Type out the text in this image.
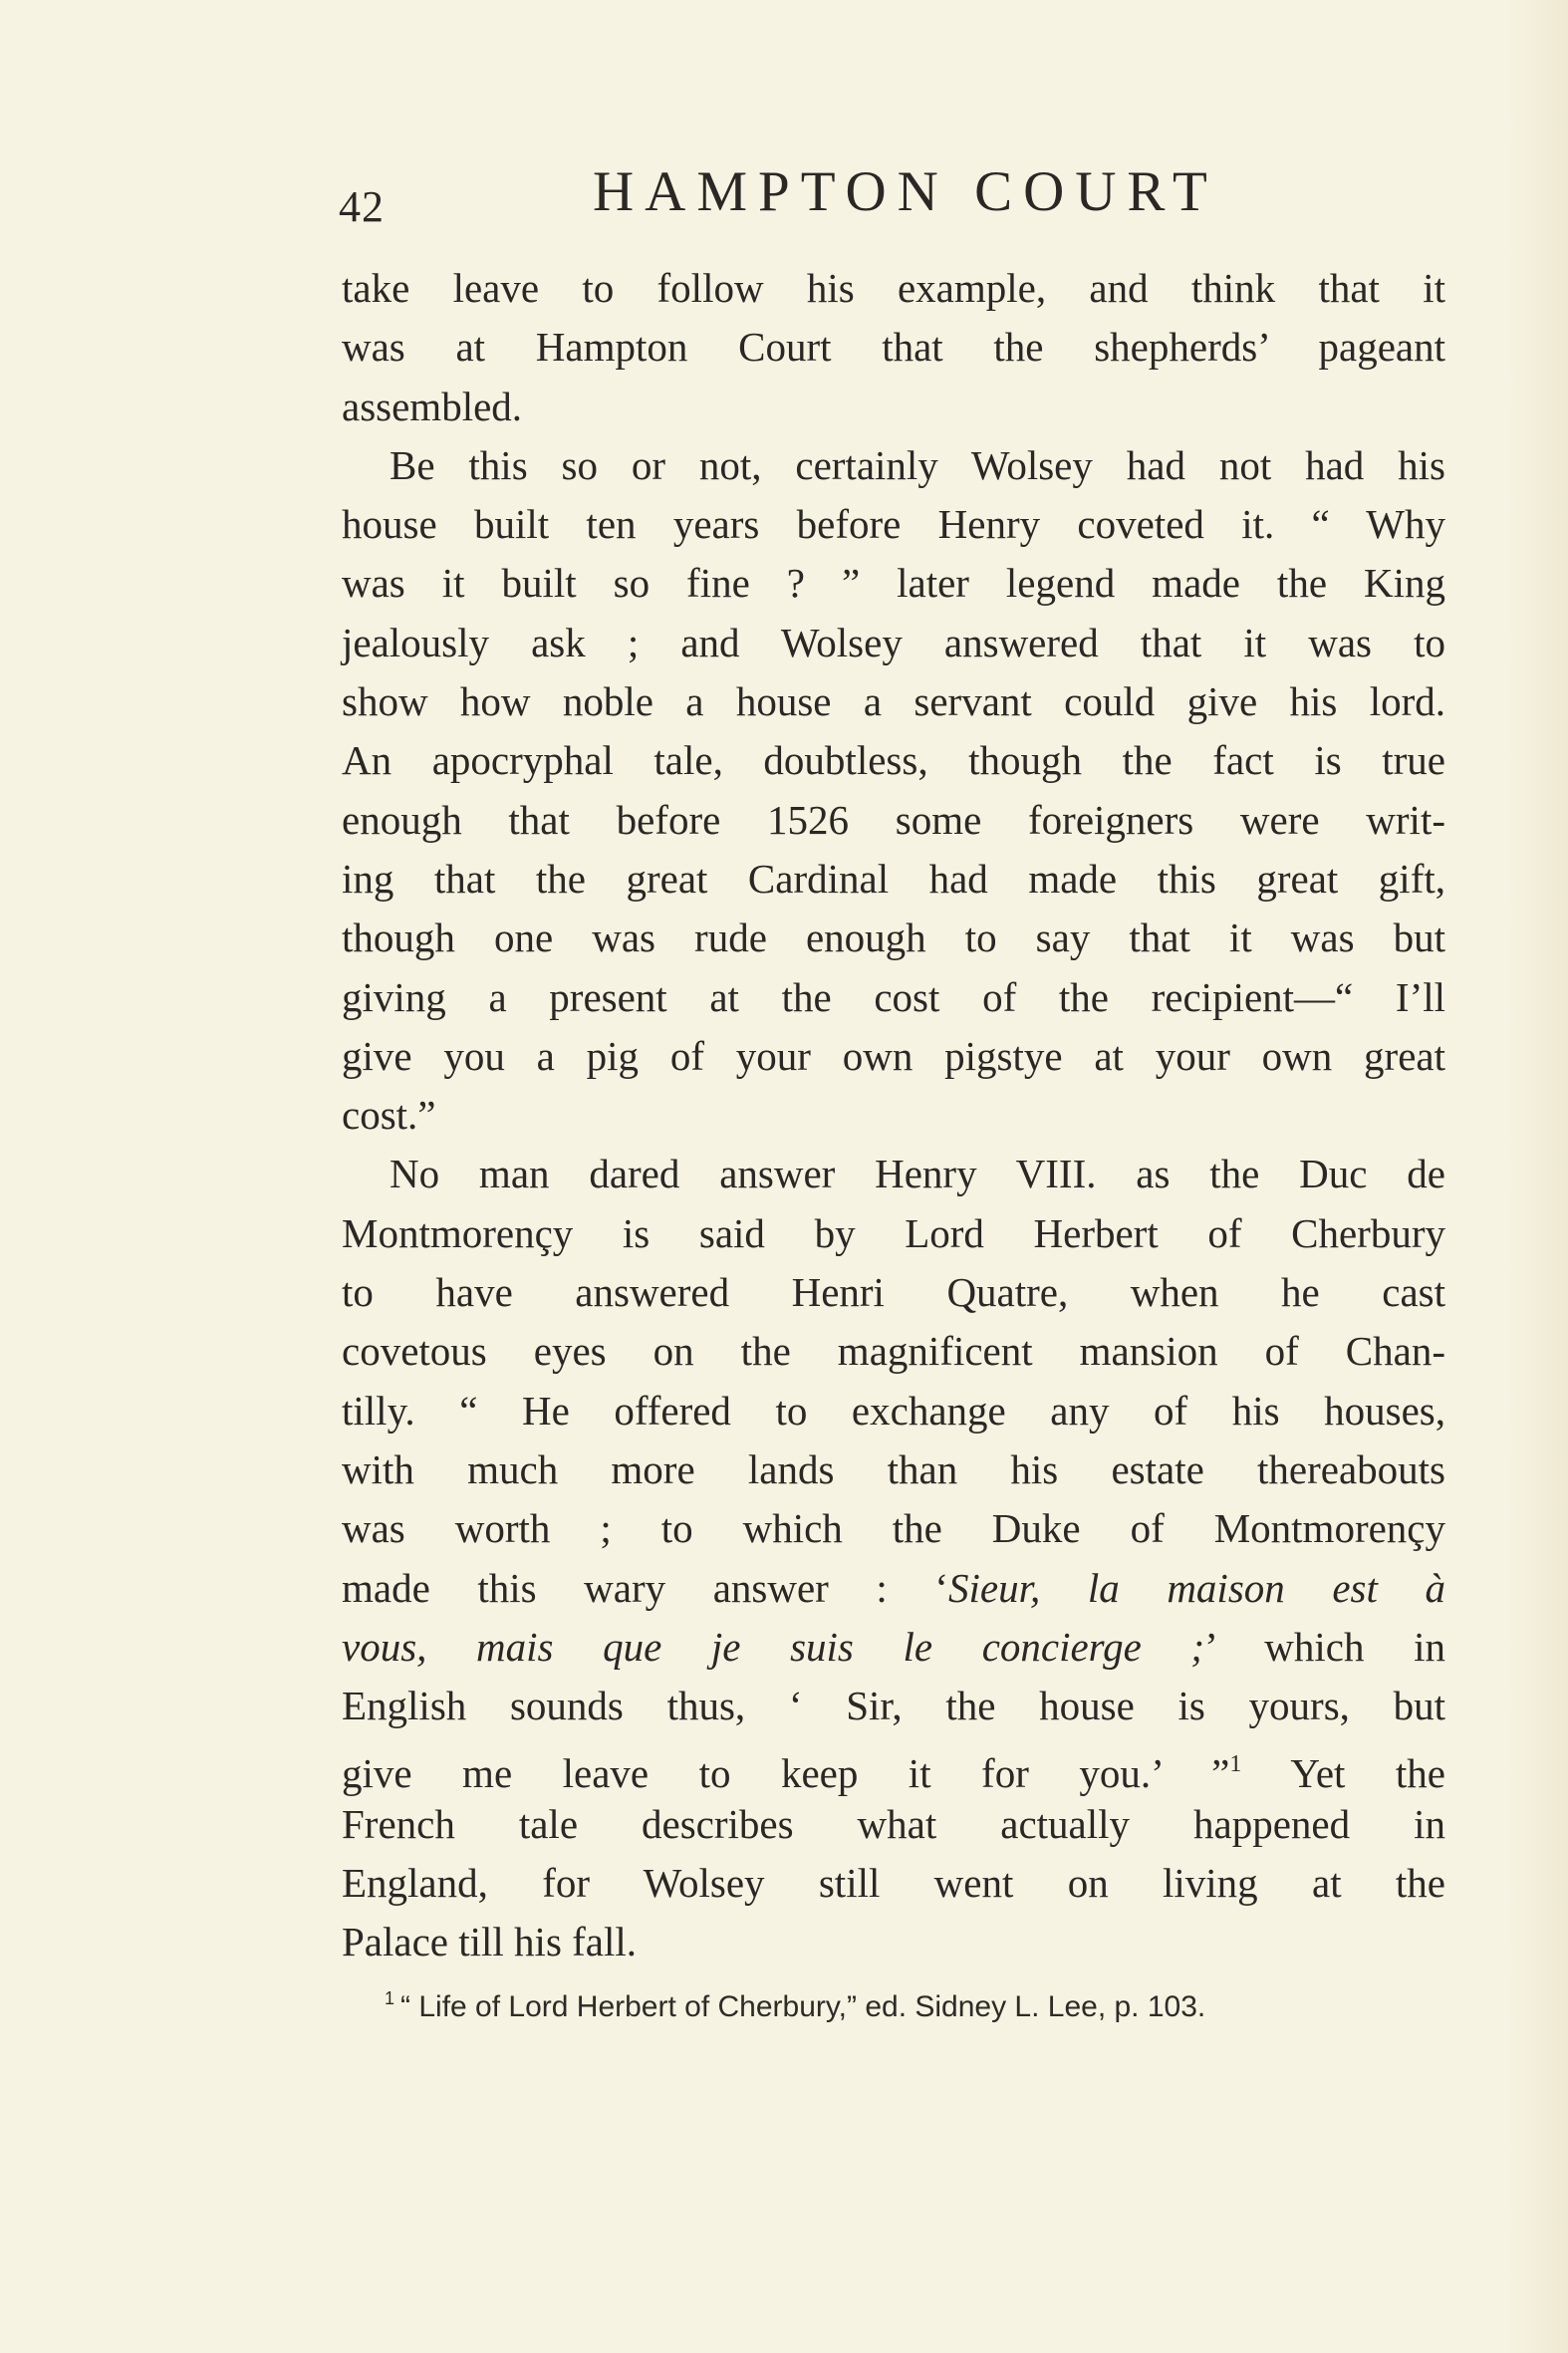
42	HAMPTON COURT
take leave to follow his example, and think that it
was at Hampton Court that the shepherds’ pageant
assembled.
Be this so or not, certainly Wolsey had not had his
house built ten years before Henry coveted it. “ Why
was it built so fine ? ” later legend made the King
jealously ask ; and Wolsey answered that it was to
show how noble a house a servant could give his lord.
An apocryphal tale, doubtless, though the fact is true
enough that before 1526 some foreigners were writ-
ing that the great Cardinal had made this great gift,
though one was rude enough to say that it was but
giving a present at the cost of the recipient—“ I’ll
give you a pig of your own pigstye at your own great
cost.”
No man dared answer Henry VIII. as the Duc de
Montmorençy is said by Lord Herbert of Cherbury
to have answered Henri Quatre, when he cast
covetous eyes on the magnificent mansion of Chan-
tilly. “ He offered to exchange any of his houses,
with much more lands than his estate thereabouts
was worth ; to which the Duke of Montmorençy
made this wary answer : ‘Sieur, la maison est à
vous, mais que je suis le concierge ;’ which in
English sounds thus, ‘ Sir, the house is yours, but
give me leave to keep it for you.’ ”$^1$ Yet the
French tale describes what actually happened in
England, for Wolsey still went on living at the
Palace till his fall.
$^1$ “ Life of Lord Herbert of Cherbury,” ed. Sidney L. Lee, p. 103.
